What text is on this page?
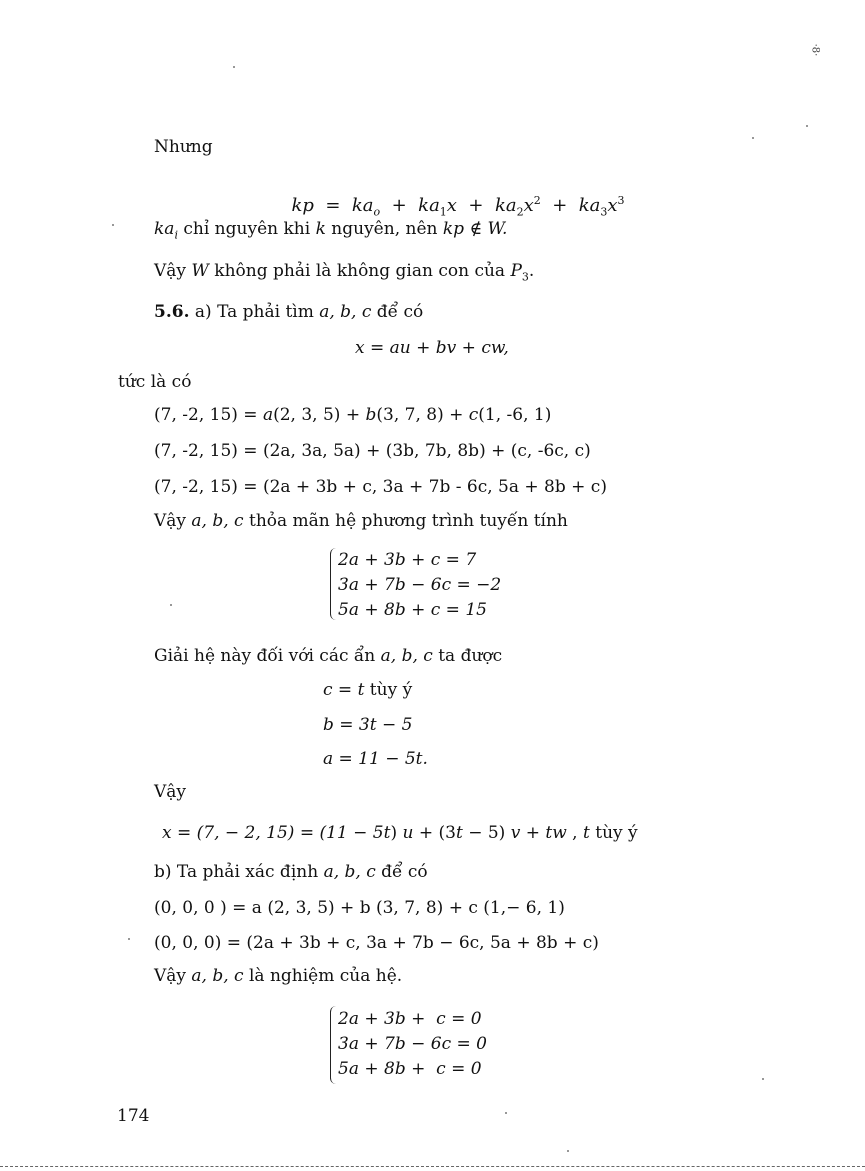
·8·
Nhưng

kp = $ka_o + ka_1x + ka_2x^2 + ka_3x^3$

$ka_i$ chỉ nguyên khi k nguyên, nên kp ∉ W.
Vậy W không phải là không gian con của $P_3$.
5.6. a) Ta phải tìm a, b, c để có
x = au + bv + cw,
tức là có
(7, -2, 15) = a(2, 3, 5) + b(3, 7, 8) + c(1, -6, 1)
(7, -2, 15) = (2a, 3a, 5a) + (3b, 7b, 8b) + (c, -6c, c)
(7, -2, 15) = (2a + 3b + c, 3a + 7b - 6c, 5a + 8b + c)
Vậy a, b, c thỏa mãn hệ phương trình tuyến tính
2a + 3b + c = 7
3a + 7b − 6c = −2
5a + 8b + c = 15
Giải hệ này đối với các ẩn a, b, c ta được
c = t tùy ý
b = 3t − 5
a = 11 − 5t.
Vậy
x = (7, − 2, 15) = (11 − 5t) u + (3t − 5) v + tw , t tùy ý
b) Ta phải xác định a, b, c để có
(0, 0, 0 ) = a (2, 3, 5) + b (3, 7, 8) + c (1,− 6, 1)
(0, 0, 0) = (2a + 3b + c, 3a + 7b − 6c, 5a + 8b + c)
Vậy a, b, c là nghiệm của hệ.
2a + 3b +  c = 0
3a + 7b − 6c = 0
5a + 8b +  c = 0
174
